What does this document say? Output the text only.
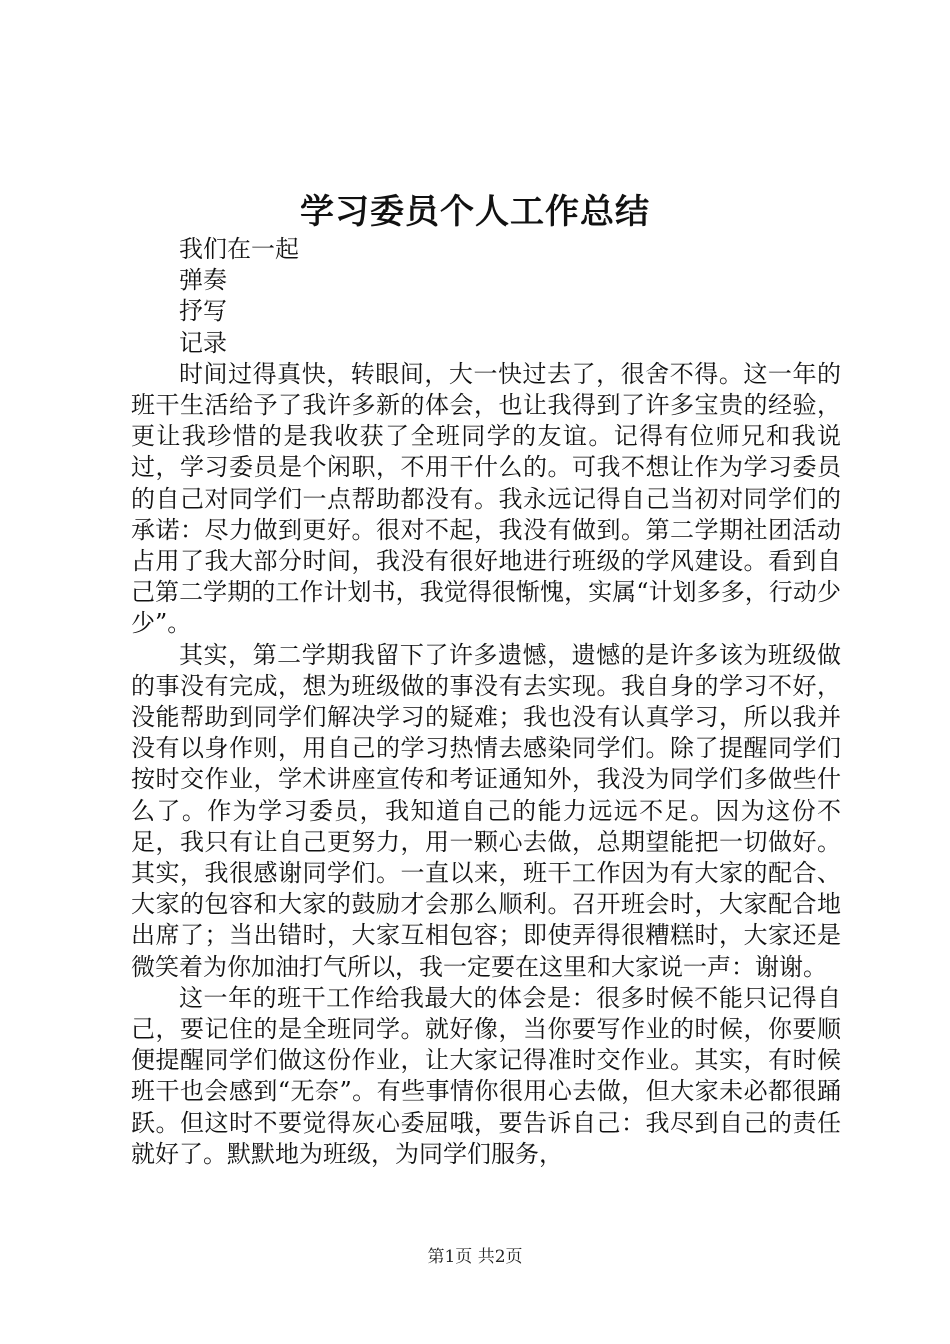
学习委员个人工作总结
我们在一起
弹奏
抒写
记录

时间过得真快，转眼间，大一快过去了，很舍不得。这一年的班干生活给予了我许多新的体会，也让我得到了许多宝贵的经验，更让我珍惜的是我收获了全班同学的友谊。记得有位师兄和我说过，学习委员是个闲职，不用干什么的。可我不想让作为学习委员的自己对同学们一点帮助都没有。我永远记得自己当初对同学们的承诺：尽力做到更好。很对不起，我没有做到。第二学期社团活动占用了我大部分时间，我没有很好地进行班级的学风建设。看到自己第二学期的工作计划书，我觉得很惭愧，实属“计划多多，行动少少”。

其实，第二学期我留下了许多遗憾，遗憾的是许多该为班级做的事没有完成，想为班级做的事没有去实现。我自身的学习不好，没能帮助到同学们解决学习的疑难；我也没有认真学习，所以我并没有以身作则，用自己的学习热情去感染同学们。除了提醒同学们按时交作业，学术讲座宣传和考证通知外，我没为同学们多做些什么了。作为学习委员，我知道自己的能力远远不足。因为这份不足，我只有让自己更努力，用一颗心去做，总期望能把一切做好。其实，我很感谢同学们。一直以来，班干工作因为有大家的配合、大家的包容和大家的鼓励才会那么顺利。召开班会时，大家配合地出席了；当出错时，大家互相包容；即使弄得很糟糕时，大家还是微笑着为你加油打气所以，我一定要在这里和大家说一声：谢谢。

这一年的班干工作给我最大的体会是：很多时候不能只记得自己，要记住的是全班同学。就好像，当你要写作业的时候，你要顺便提醒同学们做这份作业，让大家记得准时交作业。其实，有时候班干也会感到“无奈”。有些事情你很用心去做，但大家未必都很踊跃。但这时不要觉得灰心委屈哦，要告诉自己：我尽到自己的责任就好了。默默地为班级，为同学们服务，

第1页 共2页
